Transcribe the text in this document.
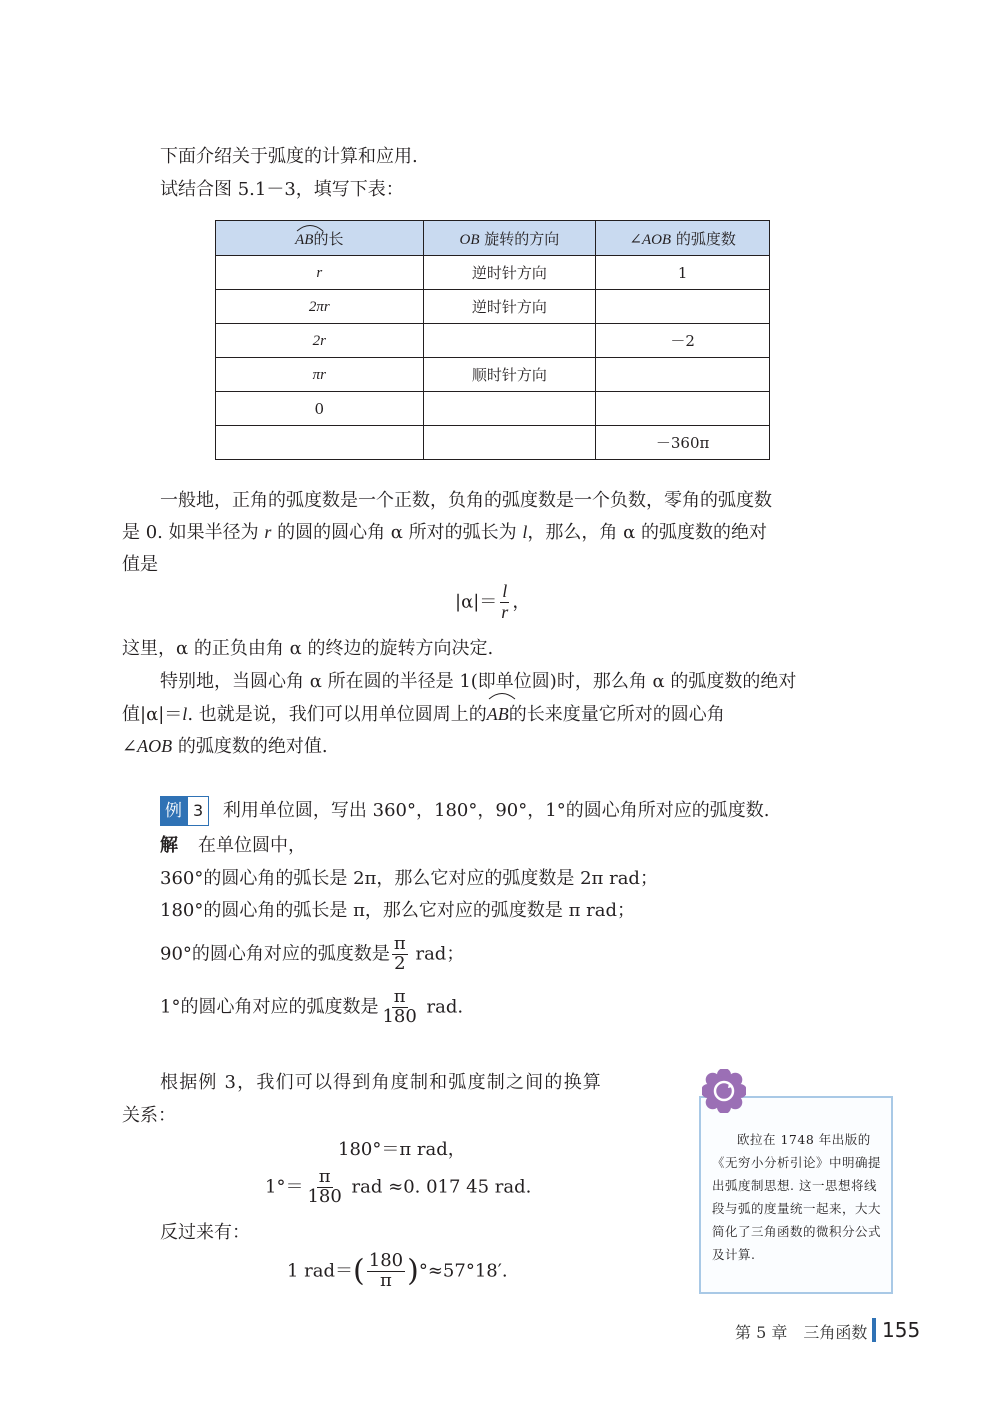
下面介绍关于弧度的计算和应用.
试结合图 5.1－3，填写下表：
AB的长	OB 旋转的方向	∠AOB 的弧度数
r	逆时针方向	1
2πr	逆时针方向	
2r		－2
πr	顺时针方向	
0		
		－360π
一般地，正角的弧度数是一个正数，负角的弧度数是一个负数，零角的弧度数
是 0. 如果半径为 r 的圆的圆心角 α 所对的弧长为 l，那么，角 α 的弧度数的绝对
值是
$|\alpha|= \frac{l}{r}$ ，
这里，α 的正负由角 α 的终边的旋转方向决定.
特别地，当圆心角 α 所在圆的半径是 1(即单位圆)时，那么角 α 的弧度数的绝对
值|α|＝l. 也就是说，我们可以用单位圆周上的
AB的长来度量它所对的圆心角
∠AOB 的弧度数的绝对值.
例 3 利用单位圆，写出 360°，180°，90°，1°的圆心角所对应的弧度数.
解 在单位圆中，
360°的圆心角的弧长是 2π，那么它对应的弧度数是 2π rad；
180°的圆心角的弧长是 π，那么它对应的弧度数是 π rad；
90°的圆心角对应的弧度数是 $\frac{\pi}{2}$ rad；
1°的圆心角对应的弧度数是 $\frac{\pi}{180}$ rad.
根据例 3，我们可以得到角度制和弧度制之间的换算
关系：
180°＝π rad，
$1^\circ= \frac{\pi}{180}$ rad ≈0. 017 45 rad.
反过来有：
1 $rad=( \frac{180}{\pi} )^\circ\approx 57^\circ 18'$.
欧拉在 1748 年出版的《无穷小分析引论》中明确提出弧度制思想. 这一思想将线段与弧的度量统一起来，大大简化了三角函数的微积分公式及计算.
第 5 章　三角函数 155
